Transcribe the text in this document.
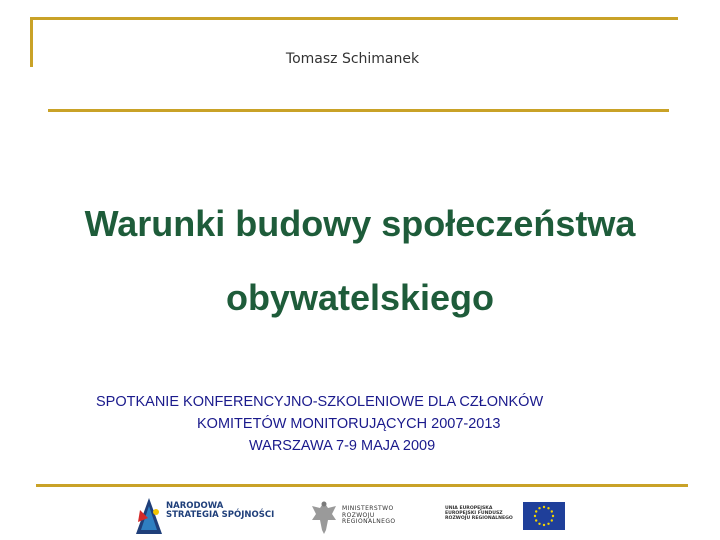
Tomasz Schimanek
Warunki budowy społeczeństwa
obywatelskiego
SPOTKANIE KONFERENCYJNO-SZKOLENIOWE DLA CZŁONKÓW
KOMITETÓW MONITORUJĄCYCH 2007-2013
WARSZAWA 7-9 MAJA 2009
NARODOWA
STRATEGIA SPÓJNOŚCI
MINISTERSTWO
ROZWOJU
REGIONALNEGO
UNIA EUROPEJSKA
EUROPEJSKI FUNDUSZ
ROZWOJU REGIONALNEGO
